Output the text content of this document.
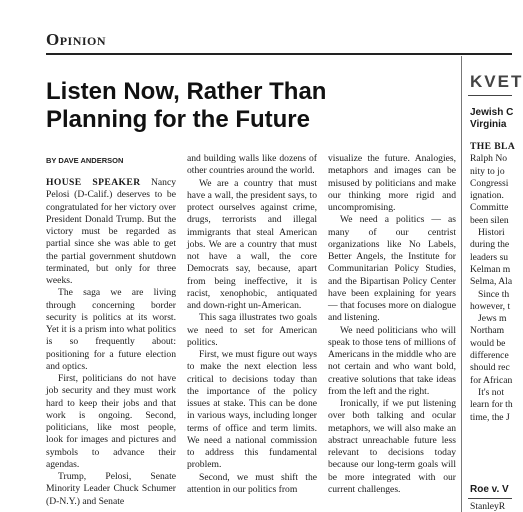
Opinion
Listen Now, Rather Than Planning for the Future
BY DAVE ANDERSON

HOUSE SPEAKER Nancy Pelosi (D-Calif.) deserves to be congratulated for her victory over President Donald Trump. But the victory must be regarded as partial since she was able to get the partial government shutdown terminated, but only for three weeks.

The saga we are living through concerning border security is politics at its worst. Yet it is a prism into what politics is so frequently about: positioning for a future election and optics.

First, politicians do not have job security and they must work hard to keep their jobs and that work is ongoing. Second, politicians, like most people, look for images and pictures and symbols to advance their agendas.

Trump, Pelosi, Senate Minority Leader Chuck Schumer (D-N.Y.) and Senate

and building walls like dozens of other countries around the world.

We are a country that must have a wall, the president says, to protect ourselves against crime, drugs, terrorists and illegal immigrants that steal American jobs. We are a country that must not have a wall, the core Democrats say, because, apart from being ineffective, it is racist, xenophobic, antiquated and down-right un-American.

This saga illustrates two goals we need to set for American politics.

First, we must figure out ways to make the next election less critical to decisions today than the importance of the policy issues at stake. This can be done in various ways, including longer terms of office and term limits. We need a national commission to address this fundamental problem.

Second, we must shift the attention in our politics from

visualize the future. Analogies, metaphors and images can be misused by politicians and make our thinking more rigid and uncompromising.

We need a politics — as many of our centrist organizations like No Labels, Better Angels, the Institute for Communitarian Policy Studies, and the Bipartisan Policy Center have been explaining for years — that focuses more on dialogue and listening.

We need politicians who will speak to those tens of millions of Americans in the middle who are not certain and who want bold, creative solutions that take ideas from the left and the right.

Ironically, if we put listening over both talking and ocular metaphors, we will also make an abstract unreachable future less relevant to decisions today because our long-term goals will be more integrated with our current challenges.

KVET
Jewish C
Virginia

THE BLA

Ralph No

nity to jo

Congressi

ignation.

Committe

been silen

Histori

during the

leaders su

Kelman m

Selma, Ala

Since th

however, t

Jews m

Northam

would be

difference

should rec

for African

It's not

learn for th

time, the J

Roe v. V
StanleyR
